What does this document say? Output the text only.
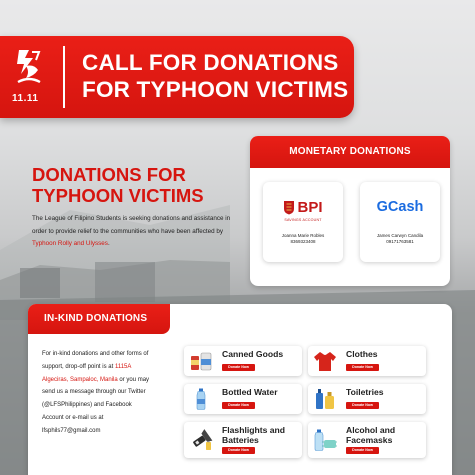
11.11
CALL FOR DONATIONS
FOR TYPHOON VICTIMS
DONATIONS FOR
TYPHOON VICTIMS

The League of Filipino Students is seeking donations and assistance in order to provide relief to the communities who have been affected by Typhoon Rolly and Ulysses.

MONETARY DONATIONS
BPI
SAVINGS ACCOUNT
Joanna Marie Robles
8369323408
GCash
James Carwyn Candila
09171763581
IN-KIND DONATIONS

For in-kind donations and other forms of support, drop-off point is at 1115A Algeciras, Sampaloc, Manila or you may send us a message through our Twitter (@LFSPhilippines) and Facebook Account or e-mail us at lfsphils77@gmail.com

Canned Goods
Donate Now
Clothes
Donate Now
Bottled Water
Donate Now
Toiletries
Donate Now
Flashlights and
Batteries
Donate Now
Alcohol and
Facemasks
Donate Now
